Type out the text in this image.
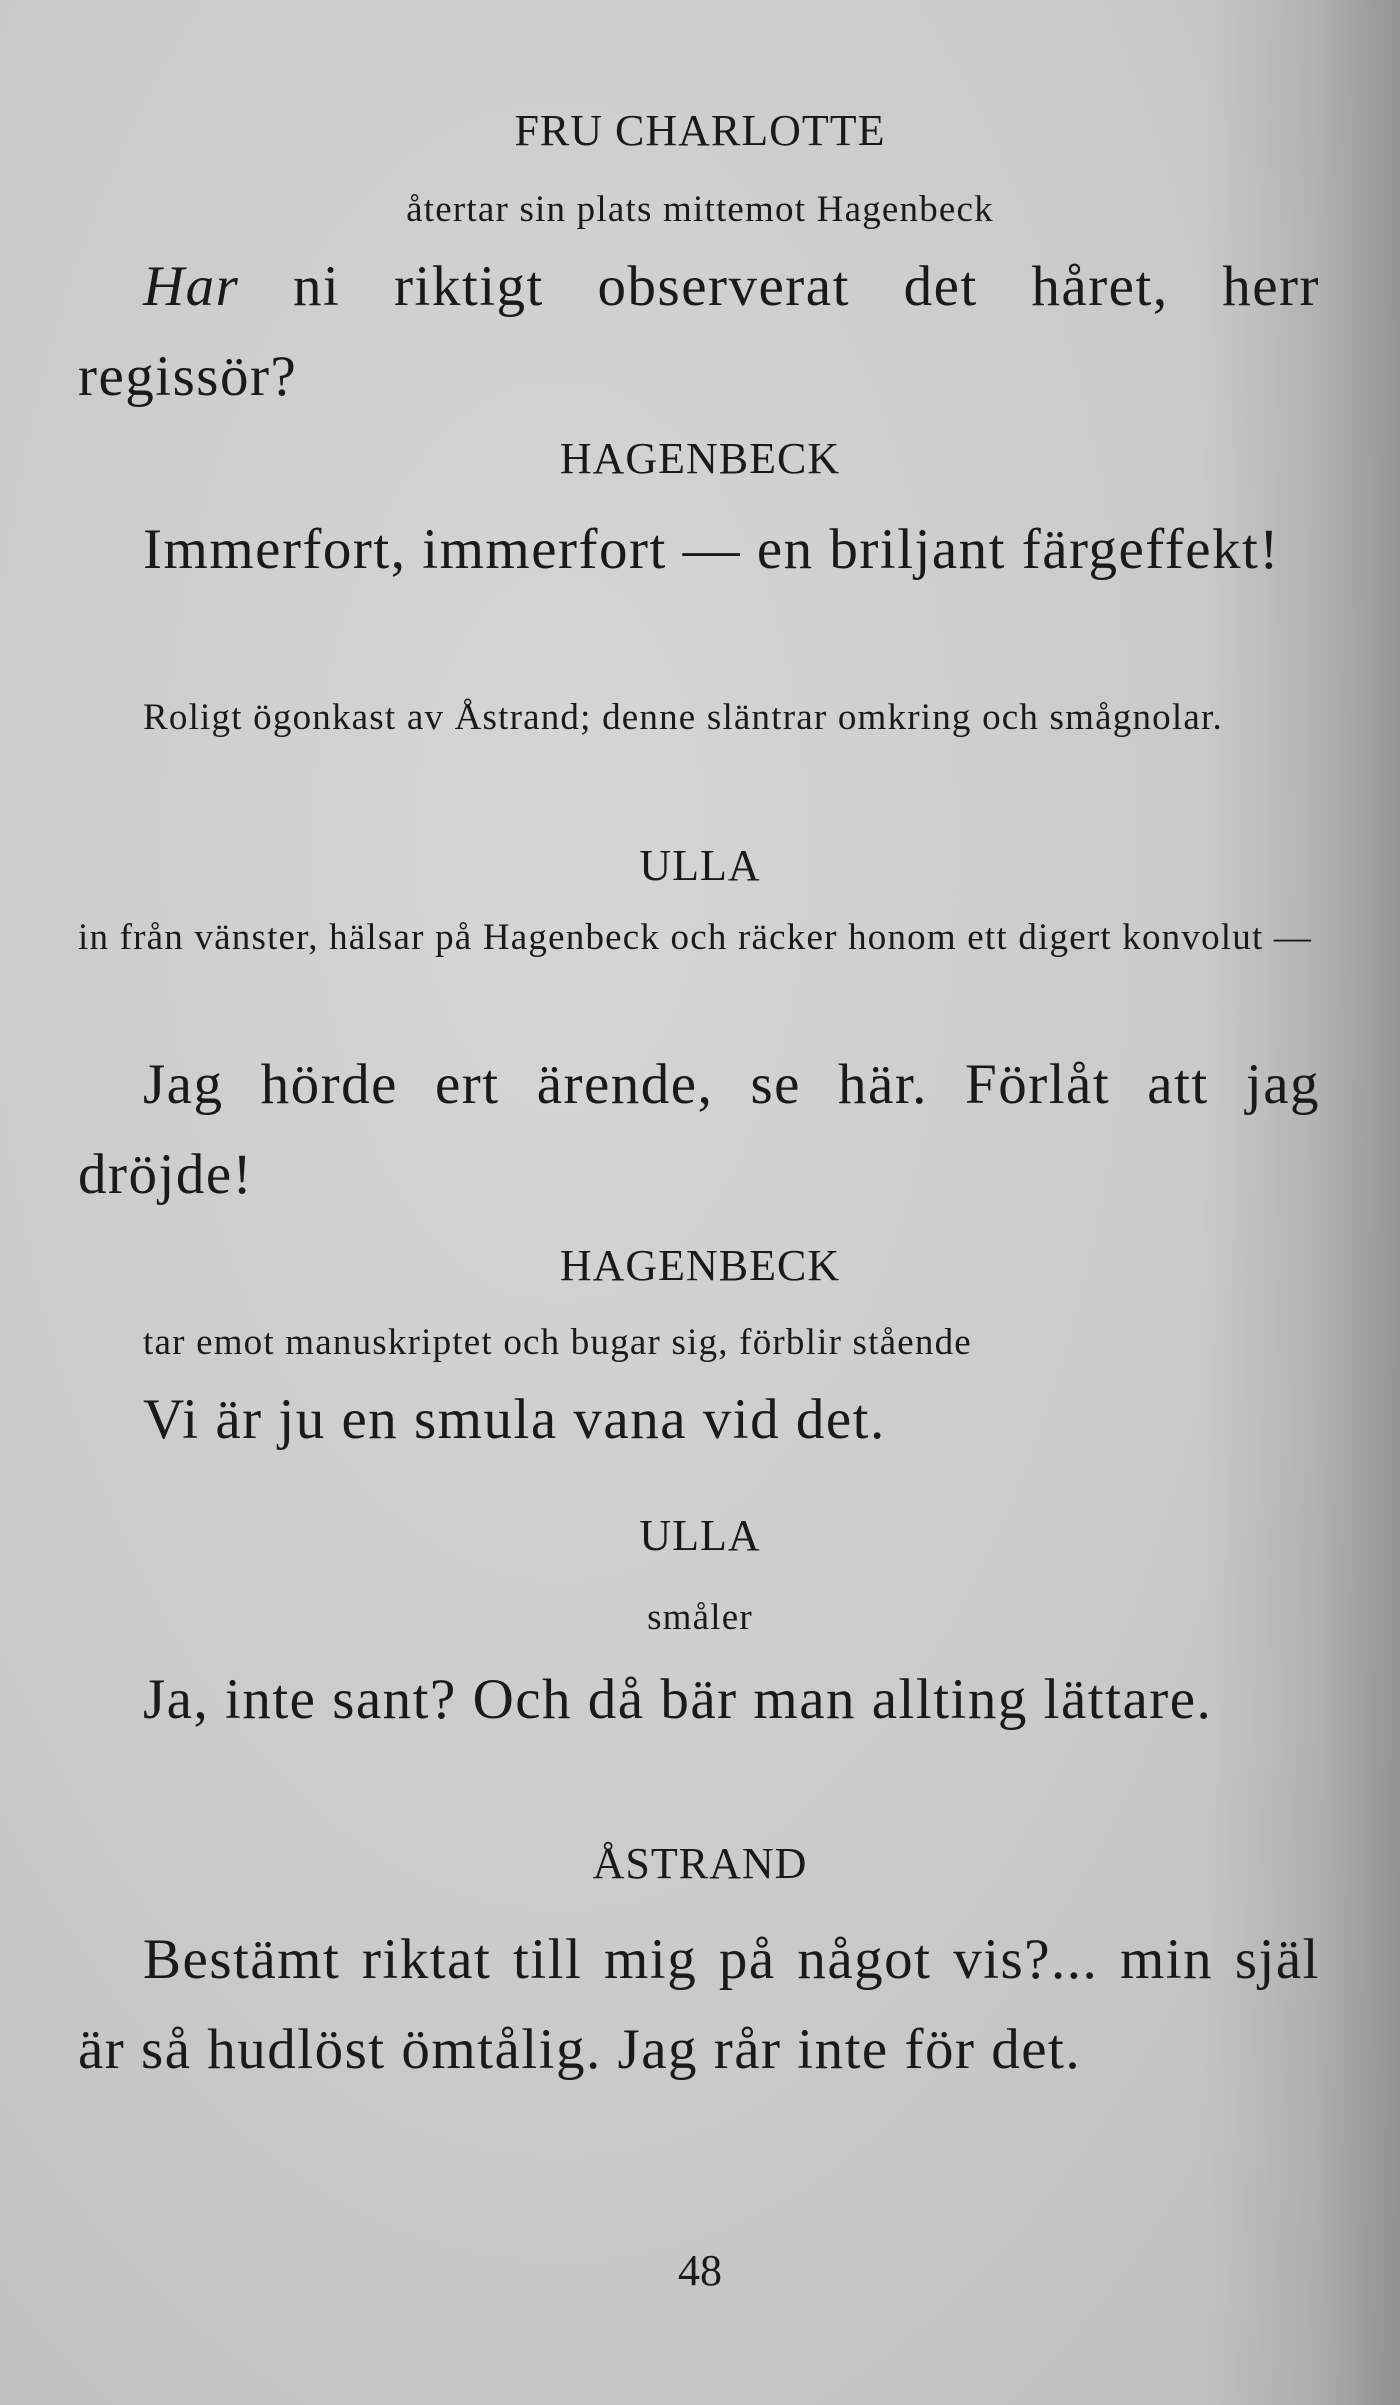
FRU CHARLOTTE
återtar sin plats mittemot Hagenbeck

Har ni riktigt observerat det håret, herr regissör?

HAGENBECK

Immerfort, immerfort — en briljant färgeffekt!

Roligt ögonkast av Åstrand; denne släntrar omkring och smågnolar.

ULLA

in från vänster, hälsar på Hagenbeck och räcker honom ett digert konvolut —

Jag hörde ert ärende, se här. Förlåt att jag dröjde!

HAGENBECK

tar emot manuskriptet och bugar sig, förblir stående

Vi är ju en smula vana vid det.

ULLA
småler

Ja, inte sant? Och då bär man allting lättare.

ÅSTRAND

Bestämt riktat till mig på något vis?... min själ är så hudlöst ömtålig. Jag rår inte för det.

48
